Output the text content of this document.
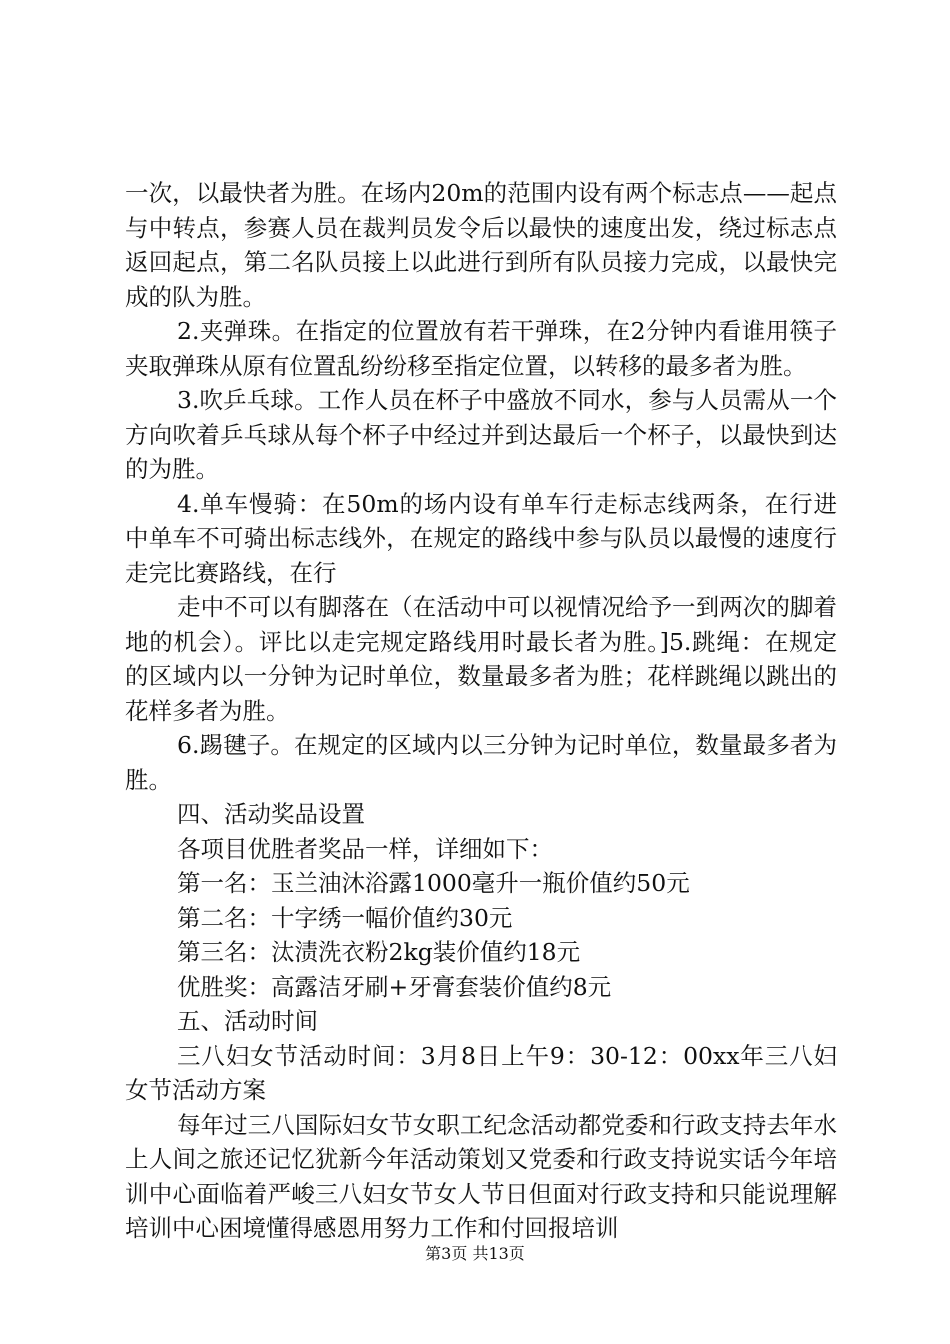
一次，以最快者为胜。在场内20m的范围内设有两个标志点——起点与中转点，参赛人员在裁判员发令后以最快的速度出发，绕过标志点返回起点，第二名队员接上以此进行到所有队员接力完成，以最快完成的队为胜。

2.夹弹珠。在指定的位置放有若干弹珠，在2分钟内看谁用筷子夹取弹珠从原有位置乱纷纷移至指定位置，以转移的最多者为胜。

3.吹乒乓球。工作人员在杯子中盛放不同水，参与人员需从一个方向吹着乒乓球从每个杯子中经过并到达最后一个杯子，以最快到达的为胜。

4.单车慢骑：在50m的场内设有单车行走标志线两条，在行进中单车不可骑出标志线外，在规定的路线中参与队员以最慢的速度行走完比赛路线，在行

走中不可以有脚落在（在活动中可以视情况给予一到两次的脚着地的机会）。评比以走完规定路线用时最长者为胜。]5.跳绳：在规定的区域内以一分钟为记时单位，数量最多者为胜；花样跳绳以跳出的花样多者为胜。

6.踢毽子。在规定的区域内以三分钟为记时单位，数量最多者为胜。

四、活动奖品设置

各项目优胜者奖品一样，详细如下：

第一名：玉兰油沐浴露1000毫升一瓶价值约50元

第二名：十字绣一幅价值约30元

第三名：汰渍洗衣粉2kg装价值约18元

优胜奖：高露洁牙刷+牙膏套装价值约8元

五、活动时间

三八妇女节活动时间：3月8日上午9：30-12：00xx年三八妇女节活动方案

每年过三八国际妇女节女职工纪念活动都党委和行政支持去年水上人间之旅还记忆犹新今年活动策划又党委和行政支持说实话今年培训中心面临着严峻三八妇女节女人节日但面对行政支持和只能说理解培训中心困境懂得感恩用努力工作和付回报培训

第3页 共13页
